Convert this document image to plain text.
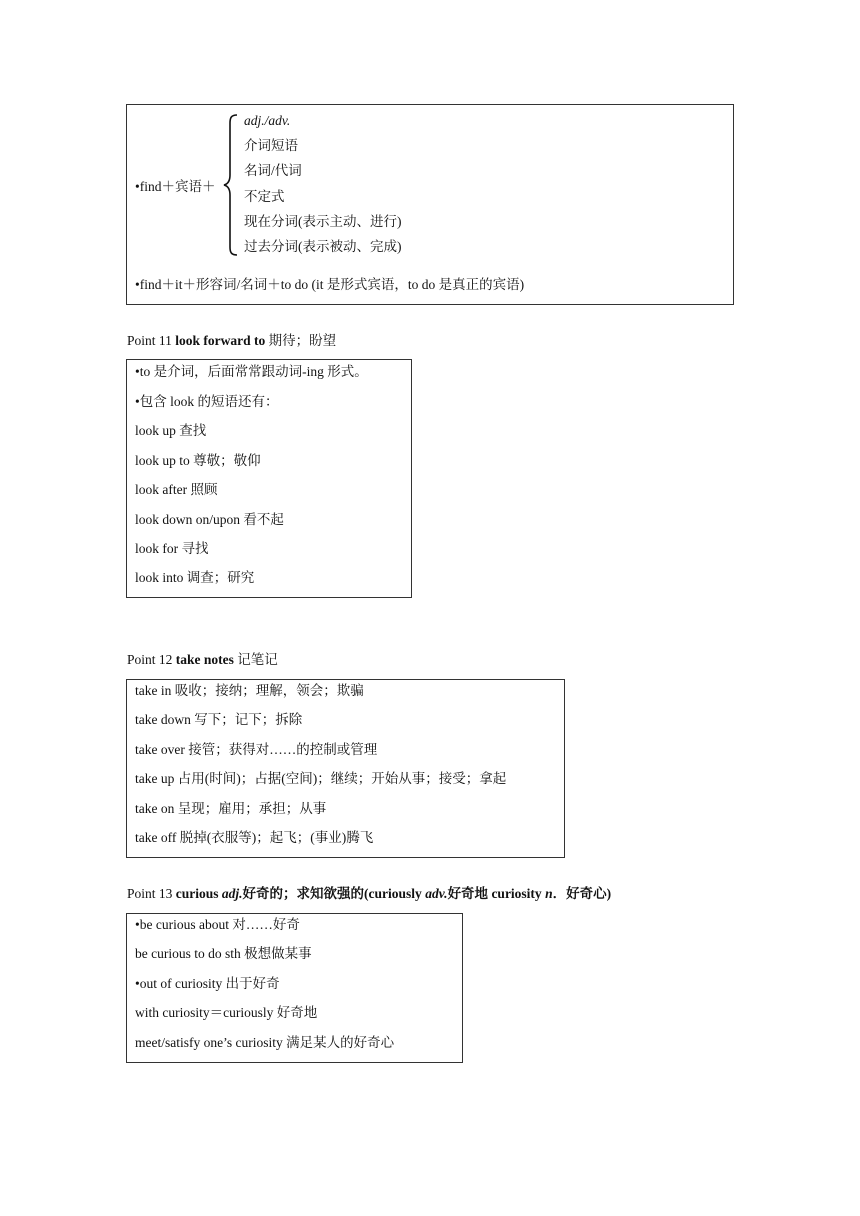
•find＋宾语＋
adj./adv.
介词短语
名词/代词
不定式
现在分词(表示主动、进行)
过去分词(表示被动、完成)
•find＋it＋形容词/名词＋to do (it 是形式宾语，to do 是真正的宾语)
Point 11 look forward to 期待；盼望
•to 是介词，后面常常跟动词-ing 形式。
•包含 look 的短语还有：
look up 查找
look up to 尊敬；敬仰
look after 照顾
look down on/upon 看不起
look for 寻找
look into 调查；研究
Point 12 take notes 记笔记
take in 吸收；接纳；理解，领会；欺骗
take down 写下；记下；拆除
take over 接管；获得对……的控制或管理
take up 占用(时间)；占据(空间)；继续；开始从事；接受；拿起
take on 呈现；雇用；承担；从事
take off 脱掉(衣服等)；起飞；(事业)腾飞
Point 13 curious adj.好奇的；求知欲强的(curiously adv.好奇地 curiosity n．好奇心)
•be curious about 对……好奇
be curious to do sth 极想做某事
•out of curiosity 出于好奇
with curiosity＝curiously 好奇地
meet/satisfy one’s curiosity 满足某人的好奇心
